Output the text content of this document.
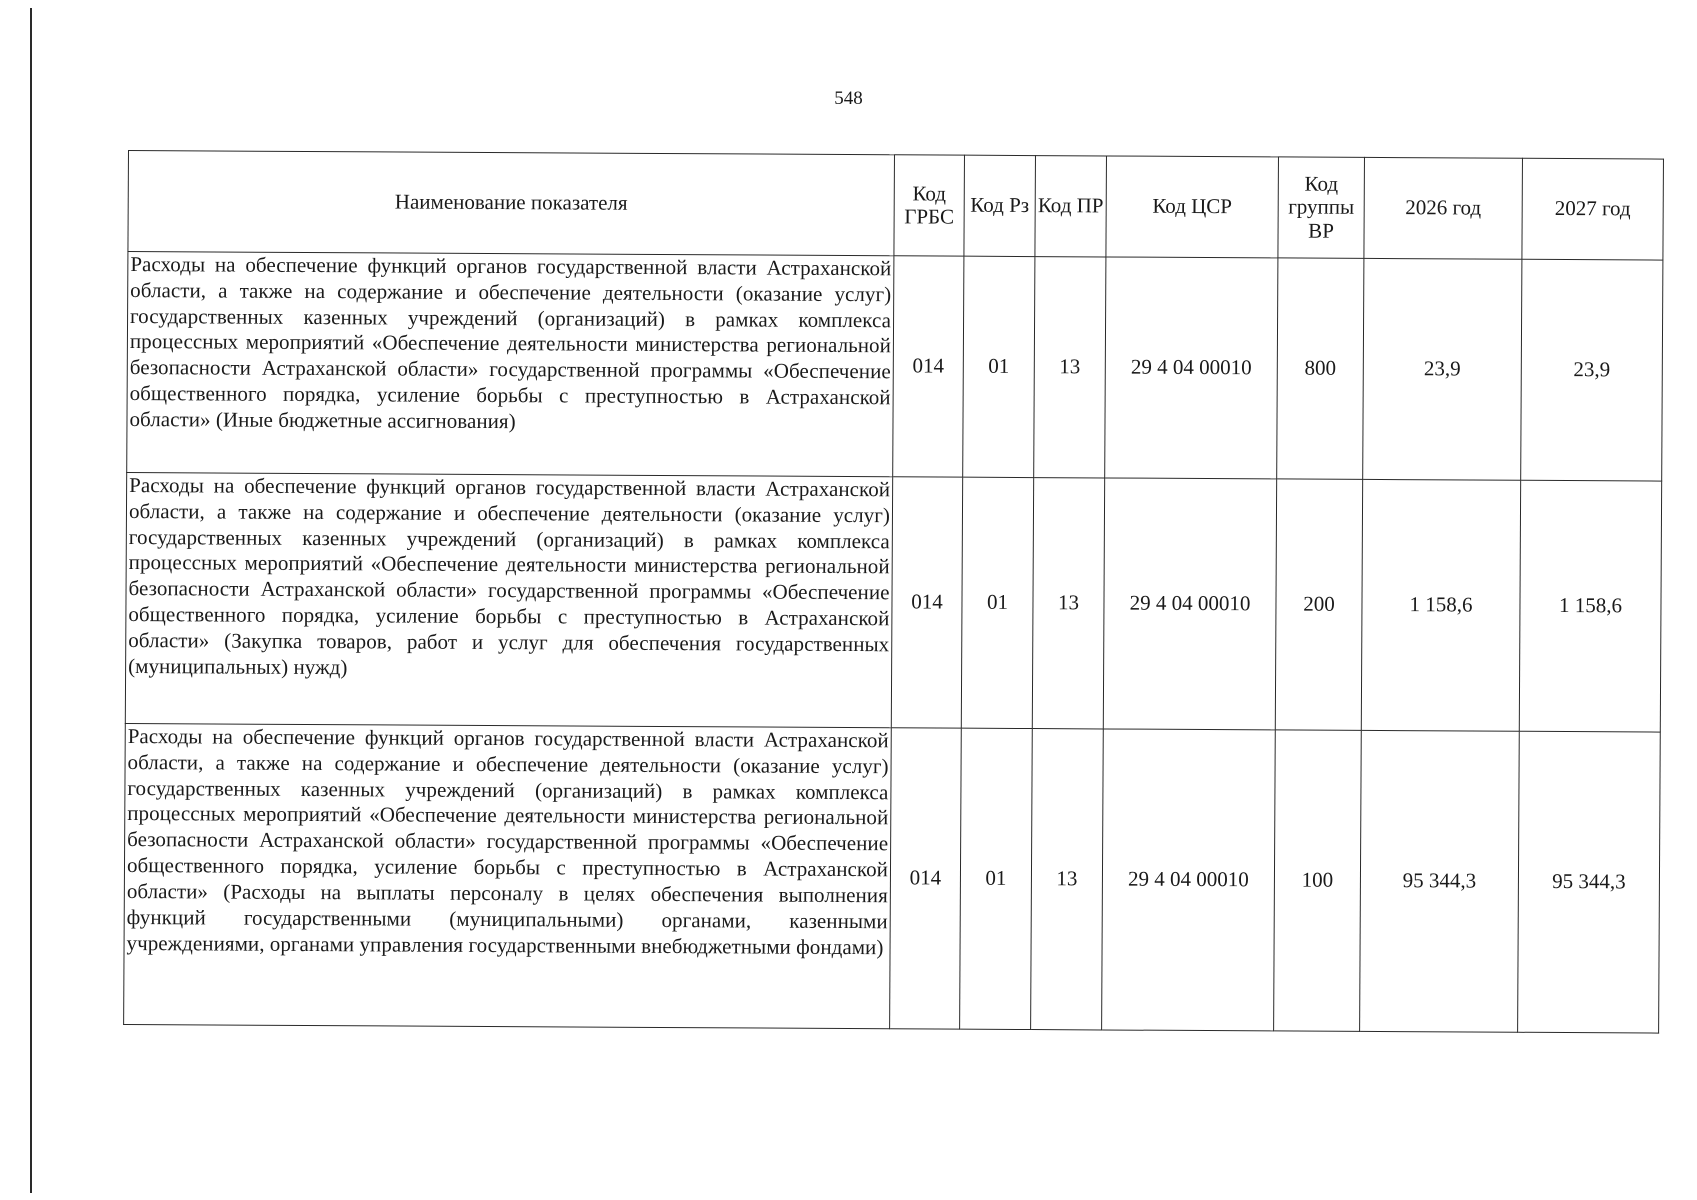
548
Наименование показателя	Код ГРБС	Код Рз	Код ПР	Код ЦСР	Код группы ВР	2026 год	2027 год
Расходы на обеспечение функций органов государственной власти Астраханской области, а также на содержание и обеспечение деятельности (оказание услуг) государственных казенных учреждений (организаций) в рамках комплекса процессных мероприятий «Обеспечение деятельности министерства региональной безопасности Астраханской области» государственной программы «Обеспечение общественного порядка, усиление борьбы с преступностью в Астраханской области» (Иные бюджетные ассигнования)	014	01	13	29 4 04 00010	800	23,9	23,9
Расходы на обеспечение функций органов государственной власти Астраханской области, а также на содержание и обеспечение деятельности (оказание услуг) государственных казенных учреждений (организаций) в рамках комплекса процессных мероприятий «Обеспечение деятельности министерства региональной безопасности Астраханской области» государственной программы «Обеспечение общественного порядка, усиление борьбы с преступностью в Астраханской области» (Закупка товаров, работ и услуг для обеспечения государственных (муниципальных) нужд)	014	01	13	29 4 04 00010	200	1 158,6	1 158,6
Расходы на обеспечение функций органов государственной власти Астраханской области, а также на содержание и обеспечение деятельности (оказание услуг) государственных казенных учреждений (организаций) в рамках комплекса процессных мероприятий «Обеспечение деятельности министерства региональной безопасности Астраханской области» государственной программы «Обеспечение общественного порядка, усиление борьбы с преступностью в Астраханской области» (Расходы на выплаты персоналу в целях обеспечения выполнения функций государственными (муниципальными) органами, казенными учреждениями, органами управления государственными внебюджетными фондами)	014	01	13	29 4 04 00010	100	95 344,3	95 344,3
